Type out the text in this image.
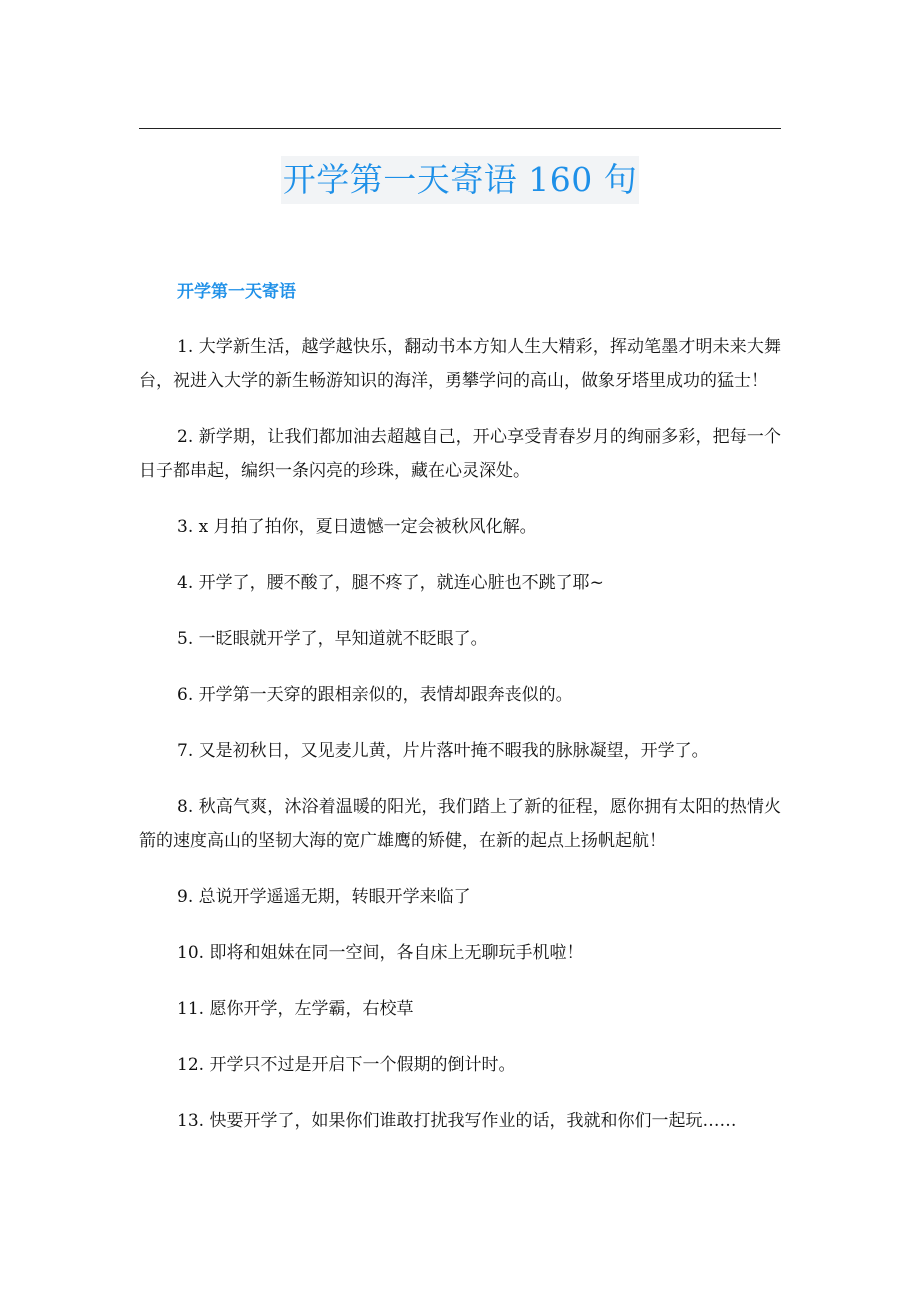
开学第一天寄语 160 句
开学第一天寄语

1. 大学新生活，越学越快乐，翻动书本方知人生大精彩，挥动笔墨才明未来大舞台，祝进入大学的新生畅游知识的海洋，勇攀学问的高山，做象牙塔里成功的猛士！

2. 新学期，让我们都加油去超越自己，开心享受青春岁月的绚丽多彩，把每一个日子都串起，编织一条闪亮的珍珠，藏在心灵深处。

3. x 月拍了拍你，夏日遗憾一定会被秋风化解。

4. 开学了，腰不酸了，腿不疼了，就连心脏也不跳了耶~

5. 一眨眼就开学了，早知道就不眨眼了。

6. 开学第一天穿的跟相亲似的，表情却跟奔丧似的。

7. 又是初秋日，又见麦儿黄，片片落叶掩不暇我的脉脉凝望，开学了。

8. 秋高气爽，沐浴着温暖的阳光，我们踏上了新的征程，愿你拥有太阳的热情火箭的速度高山的坚韧大海的宽广雄鹰的矫健，在新的起点上扬帆起航！

9. 总说开学遥遥无期，转眼开学来临了

10. 即将和姐妹在同一空间，各自床上无聊玩手机啦！

11. 愿你开学，左学霸，右校草

12. 开学只不过是开启下一个假期的倒计时。

13. 快要开学了，如果你们谁敢打扰我写作业的话，我就和你们一起玩……
